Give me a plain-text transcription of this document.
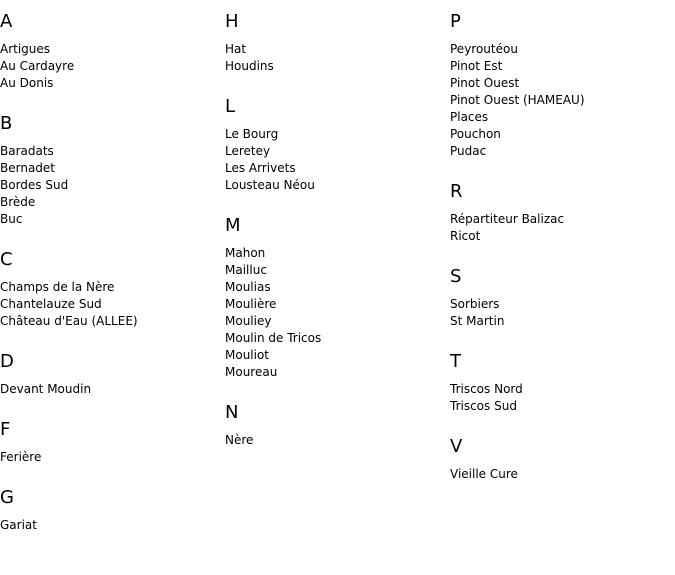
A
Artigues
Au Cardayre
Au Donis
B
Baradats
Bernadet
Bordes Sud
Brède
Buc
C
Champs de la Nère
Chantelauze Sud
Château d'Eau (ALLEE)
D
Devant Moudin
F
Ferière
G
Gariat
H
Hat
Houdins
L
Le Bourg
Leretey
Les Arrivets
Lousteau Néou
M
Mahon
Mailluc
Moulias
Moulière
Mouliey
Moulin de Tricos
Mouliot
Moureau
N
Nère
P
Peyroutéou
Pinot Est
Pinot Ouest
Pinot Ouest (HAMEAU)
Places
Pouchon
Pudac
R
Répartiteur Balizac
Ricot
S
Sorbiers
St Martin
T
Triscos Nord
Triscos Sud
V
Vieille Cure
